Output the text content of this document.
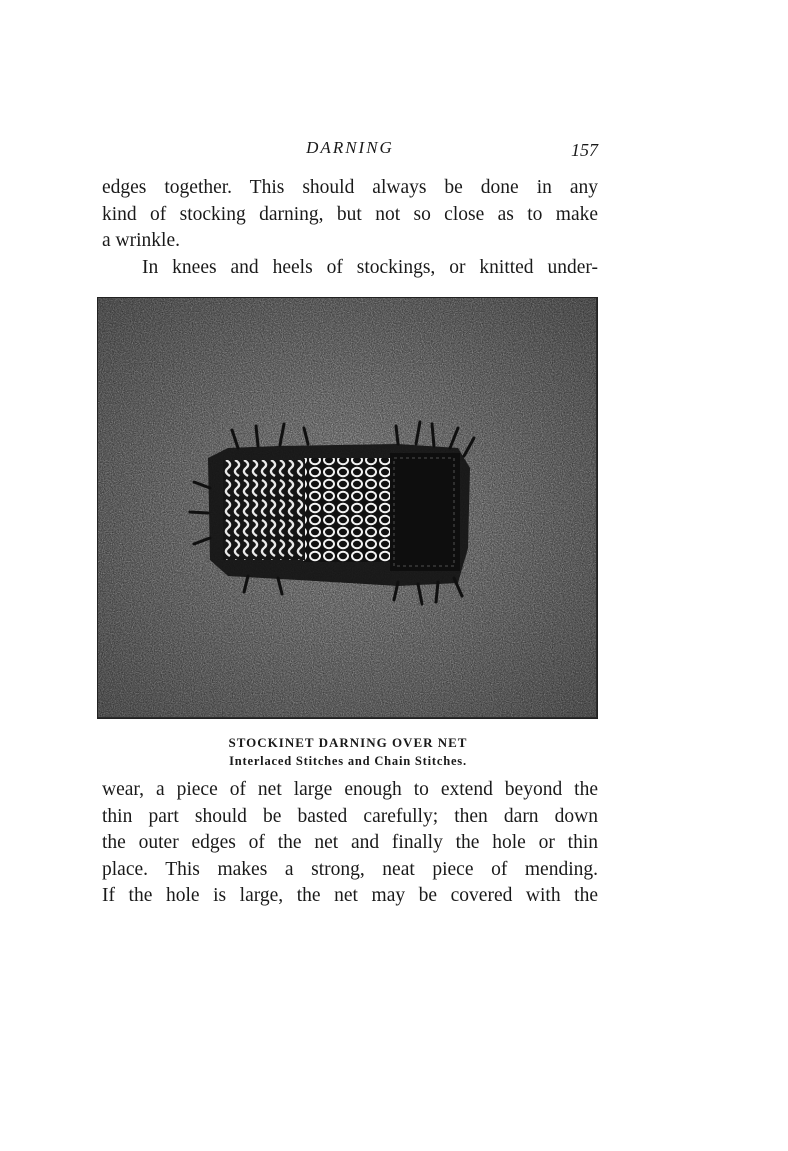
DARNING	157

edges together. This should always be done in any
kind of stocking darning, but not so close as to make
a wrinkle.

In knees and heels of stockings, or knitted under-

STOCKINET DARNING OVER NET

Interlaced Stitches and Chain Stitches.

wear, a piece of net large enough to extend beyond the
thin part should be basted carefully; then darn down
the outer edges of the net and finally the hole or thin
place. This makes a strong, neat piece of mending.
If the hole is large, the net may be covered with the
